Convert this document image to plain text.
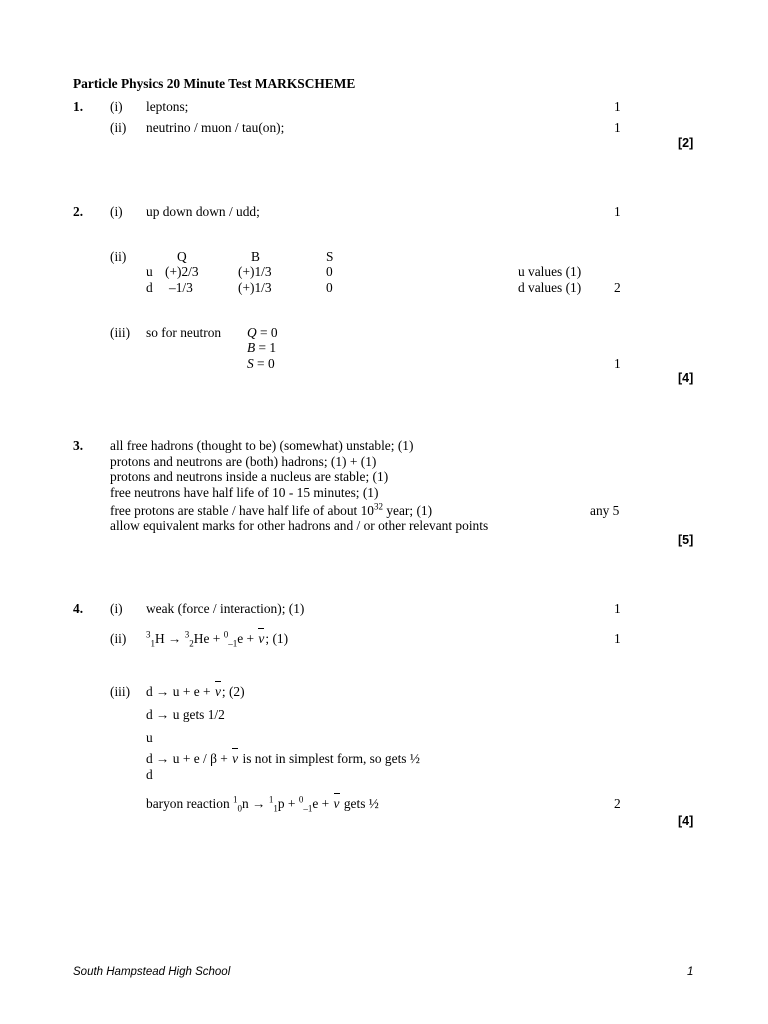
Particle Physics 20 Minute Test MARKSCHEME
1. (i) leptons;	1
(ii) neutrino / muon / tau(on);	1
[2]
2. (i) up down down / udd;	1
(ii)	Q	B	S
u (+)2/3	(+)1/3	0	u values (1)
d –1/3	(+)1/3	0	d values (1) 2
(iii) so for neutron Q = 0
B = 1
S = 0	1
[4]
3. all free hadrons (thought to be) (somewhat) unstable; (1)
protons and neutrons are (both) hadrons; (1) + (1)
protons and neutrons inside a nucleus are stable; (1)
free neutrons have half life of 10 - 15 minutes; (1)
free protons are stable / have half life of about $10^{32}$ year; (1)	any 5
allow equivalent marks for other hadrons and / or other relevant points
[5]
4. (i) weak (force / interaction); (1)	1
(ii) $^3_1$H → $^3_2$He + $^0_{-1}$e + v; (1)	1
(iii) d → u + e + v; (2)
d → u gets 1/2
u
d → u + e / β + v is not in simplest form, so gets ½
d
baryon reaction $^1_0$n → $^1_1$p + $^0_{-1}$e + v gets ½	2
[4]
South Hampstead High School	1
